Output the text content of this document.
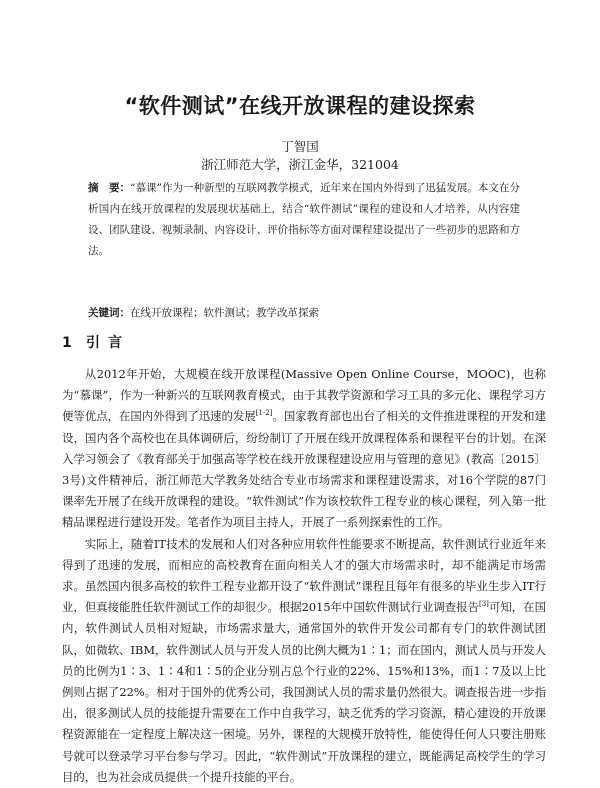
“软件测试”在线开放课程的建设探索
丁智国
浙江师范大学，浙江金华，321004
摘　要：“慕课”作为一种新型的互联网教学模式，近年来在国内外得到了迅猛发展。本文在分析国内在线开放课程的发展现状基础上，结合“软件测试”课程的建设和人才培养，从内容建设、团队建设、视频录制、内容设计、评价指标等方面对课程建设提出了一些初步的思路和方法。
关键词：在线开放课程；软件测试；教学改革探索
1 引言

从2012年开始，大规模在线开放课程(Massive Open Online Course，MOOC)，也称为“慕课”，作为一种新兴的互联网教育模式，由于其教学资源和学习工具的多元化、课程学习方便等优点，在国内外得到了迅速的发展[1-2]。国家教育部也出台了相关的文件推进课程的开发和建设，国内各个高校也在具体调研后，纷纷制订了开展在线开放课程体系和课程平台的计划。在深入学习领会了《教育部关于加强高等学校在线开放课程建设应用与管理的意见》(教高〔2015〕3号)文件精神后，浙江师范大学教务处结合专业市场需求和课程建设需求，对16个学院的87门课率先开展了在线开放课程的建设。“软件测试”作为该校软件工程专业的核心课程，列入第一批精品课程进行建设开发。笔者作为项目主持人，开展了一系列探索性的工作。

实际上，随着IT技术的发展和人们对各种应用软件性能要求不断提高，软件测试行业近年来得到了迅速的发展，而相应的高校教育在面向相关人才的强大市场需求时，却不能满足市场需求。虽然国内很多高校的软件工程专业都开设了“软件测试”课程且每年有很多的毕业生步入IT行业，但真接能胜任软件测试工作的却很少。根据2015年中国软件测试行业调查报告[3]可知，在国内，软件测试人员相对短缺，市场需求量大，通常国外的软件开发公司都有专门的软件测试团队，如微软、IBM，软件测试人员与开发人员的比例大概为1∶1；而在国内，测试人员与开发人员的比例为1∶3、1∶4和1∶5的企业分别占总个行业的22%、15%和13%，而1∶7及以上比例则占据了22%。相对于国外的优秀公司，我国测试人员的需求量仍然很大。调查报告进一步指出，很多测试人员的技能提升需要在工作中自我学习，缺乏优秀的学习资源，精心建设的开放课程资源能在一定程度上解决这一困境。另外，课程的大规模开放特性，能使得任何人只要注册账号就可以登录学习平台参与学习。因此，“软件测试”开放课程的建立，既能满足高校学生的学习目的，也为社会成员提供一个提升技能的平台。
